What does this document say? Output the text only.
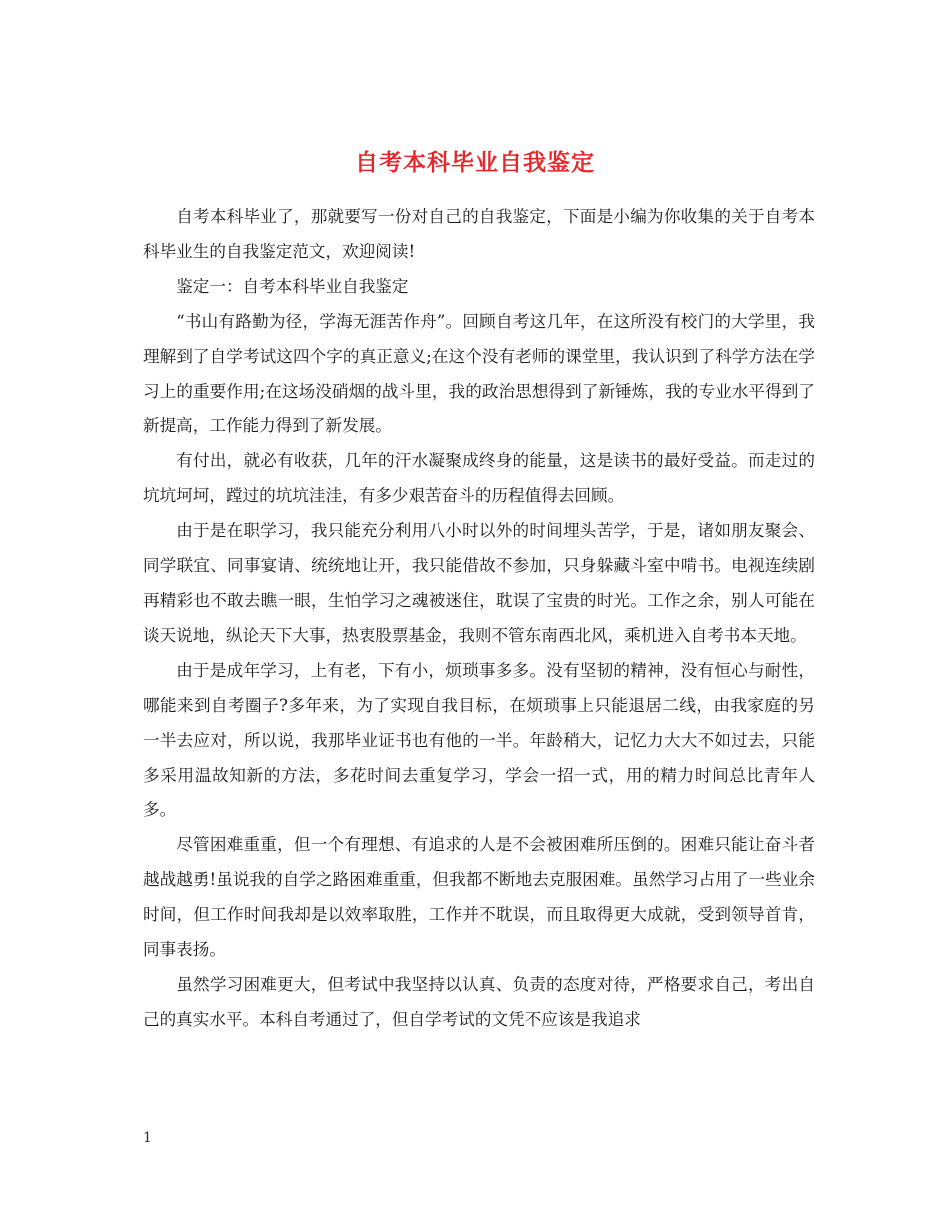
自考本科毕业自我鉴定

自考本科毕业了，那就要写一份对自己的自我鉴定，下面是小编为你收集的关于自考本科毕业生的自我鉴定范文，欢迎阅读!

鉴定一：自考本科毕业自我鉴定

“书山有路勤为径，学海无涯苦作舟”。回顾自考这几年，在这所没有校门的大学里，我理解到了自学考试这四个字的真正意义;在这个没有老师的课堂里，我认识到了科学方法在学习上的重要作用;在这场没硝烟的战斗里，我的政治思想得到了新锤炼，我的专业水平得到了新提高，工作能力得到了新发展。

有付出，就必有收获，几年的汗水凝聚成终身的能量，这是读书的最好受益。而走过的坑坑坷坷，蹚过的坑坑洼洼，有多少艰苦奋斗的历程值得去回顾。

由于是在职学习，我只能充分利用八小时以外的时间埋头苦学，于是，诸如朋友聚会、同学联宜、同事宴请、统统地让开，我只能借故不参加，只身躲藏斗室中啃书。电视连续剧再精彩也不敢去瞧一眼，生怕学习之魂被迷住，耽误了宝贵的时光。工作之余，别人可能在谈天说地，纵论天下大事，热衷股票基金，我则不管东南西北风，乘机进入自考书本天地。

由于是成年学习，上有老，下有小，烦琐事多多。没有坚韧的精神，没有恒心与耐性，哪能来到自考圈子?多年来，为了实现自我目标，在烦琐事上只能退居二线，由我家庭的另一半去应对，所以说，我那毕业证书也有他的一半。年龄稍大，记忆力大大不如过去，只能多采用温故知新的方法，多花时间去重复学习，学会一招一式，用的精力时间总比青年人多。

尽管困难重重，但一个有理想、有追求的人是不会被困难所压倒的。困难只能让奋斗者越战越勇!虽说我的自学之路困难重重，但我都不断地去克服困难。虽然学习占用了一些业余时间，但工作时间我却是以效率取胜，工作并不耽误，而且取得更大成就，受到领导首肯，同事表扬。

虽然学习困难更大，但考试中我坚持以认真、负责的态度对待，严格要求自己，考出自己的真实水平。本科自考通过了，但自学考试的文凭不应该是我追求

1
